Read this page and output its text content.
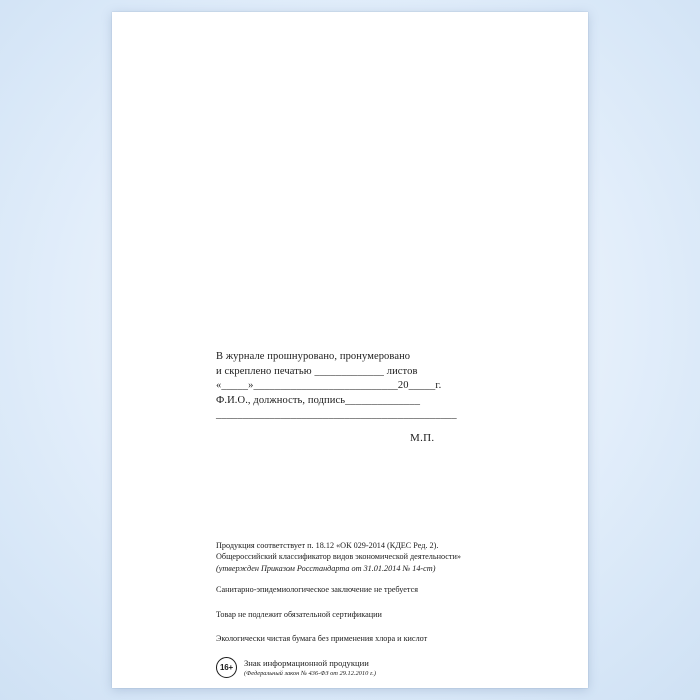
В журнале прошнуровано, пронумеровано
и скреплено печатью _____________ листов
«_____»___________________________20_____г.
Ф.И.О., должность, подпись______________
_____________________________________________
М.П.
Продукция соответствует п. 18.12 «ОК 029-2014 (КДЕС Ред. 2).
Общероссийский классификатор видов экономической деятельности»
(утвержден Приказом Росстандарта от 31.01.2014 № 14-ст)
Санитарно-эпидемиологическое заключение не требуется
Товар не подлежит обязательной сертификации
Экологически чистая бумага без применения хлора и кислот
16+	Знак информационной продукции
(Федеральный закон № 436-ФЗ от 29.12.2010 г.)
